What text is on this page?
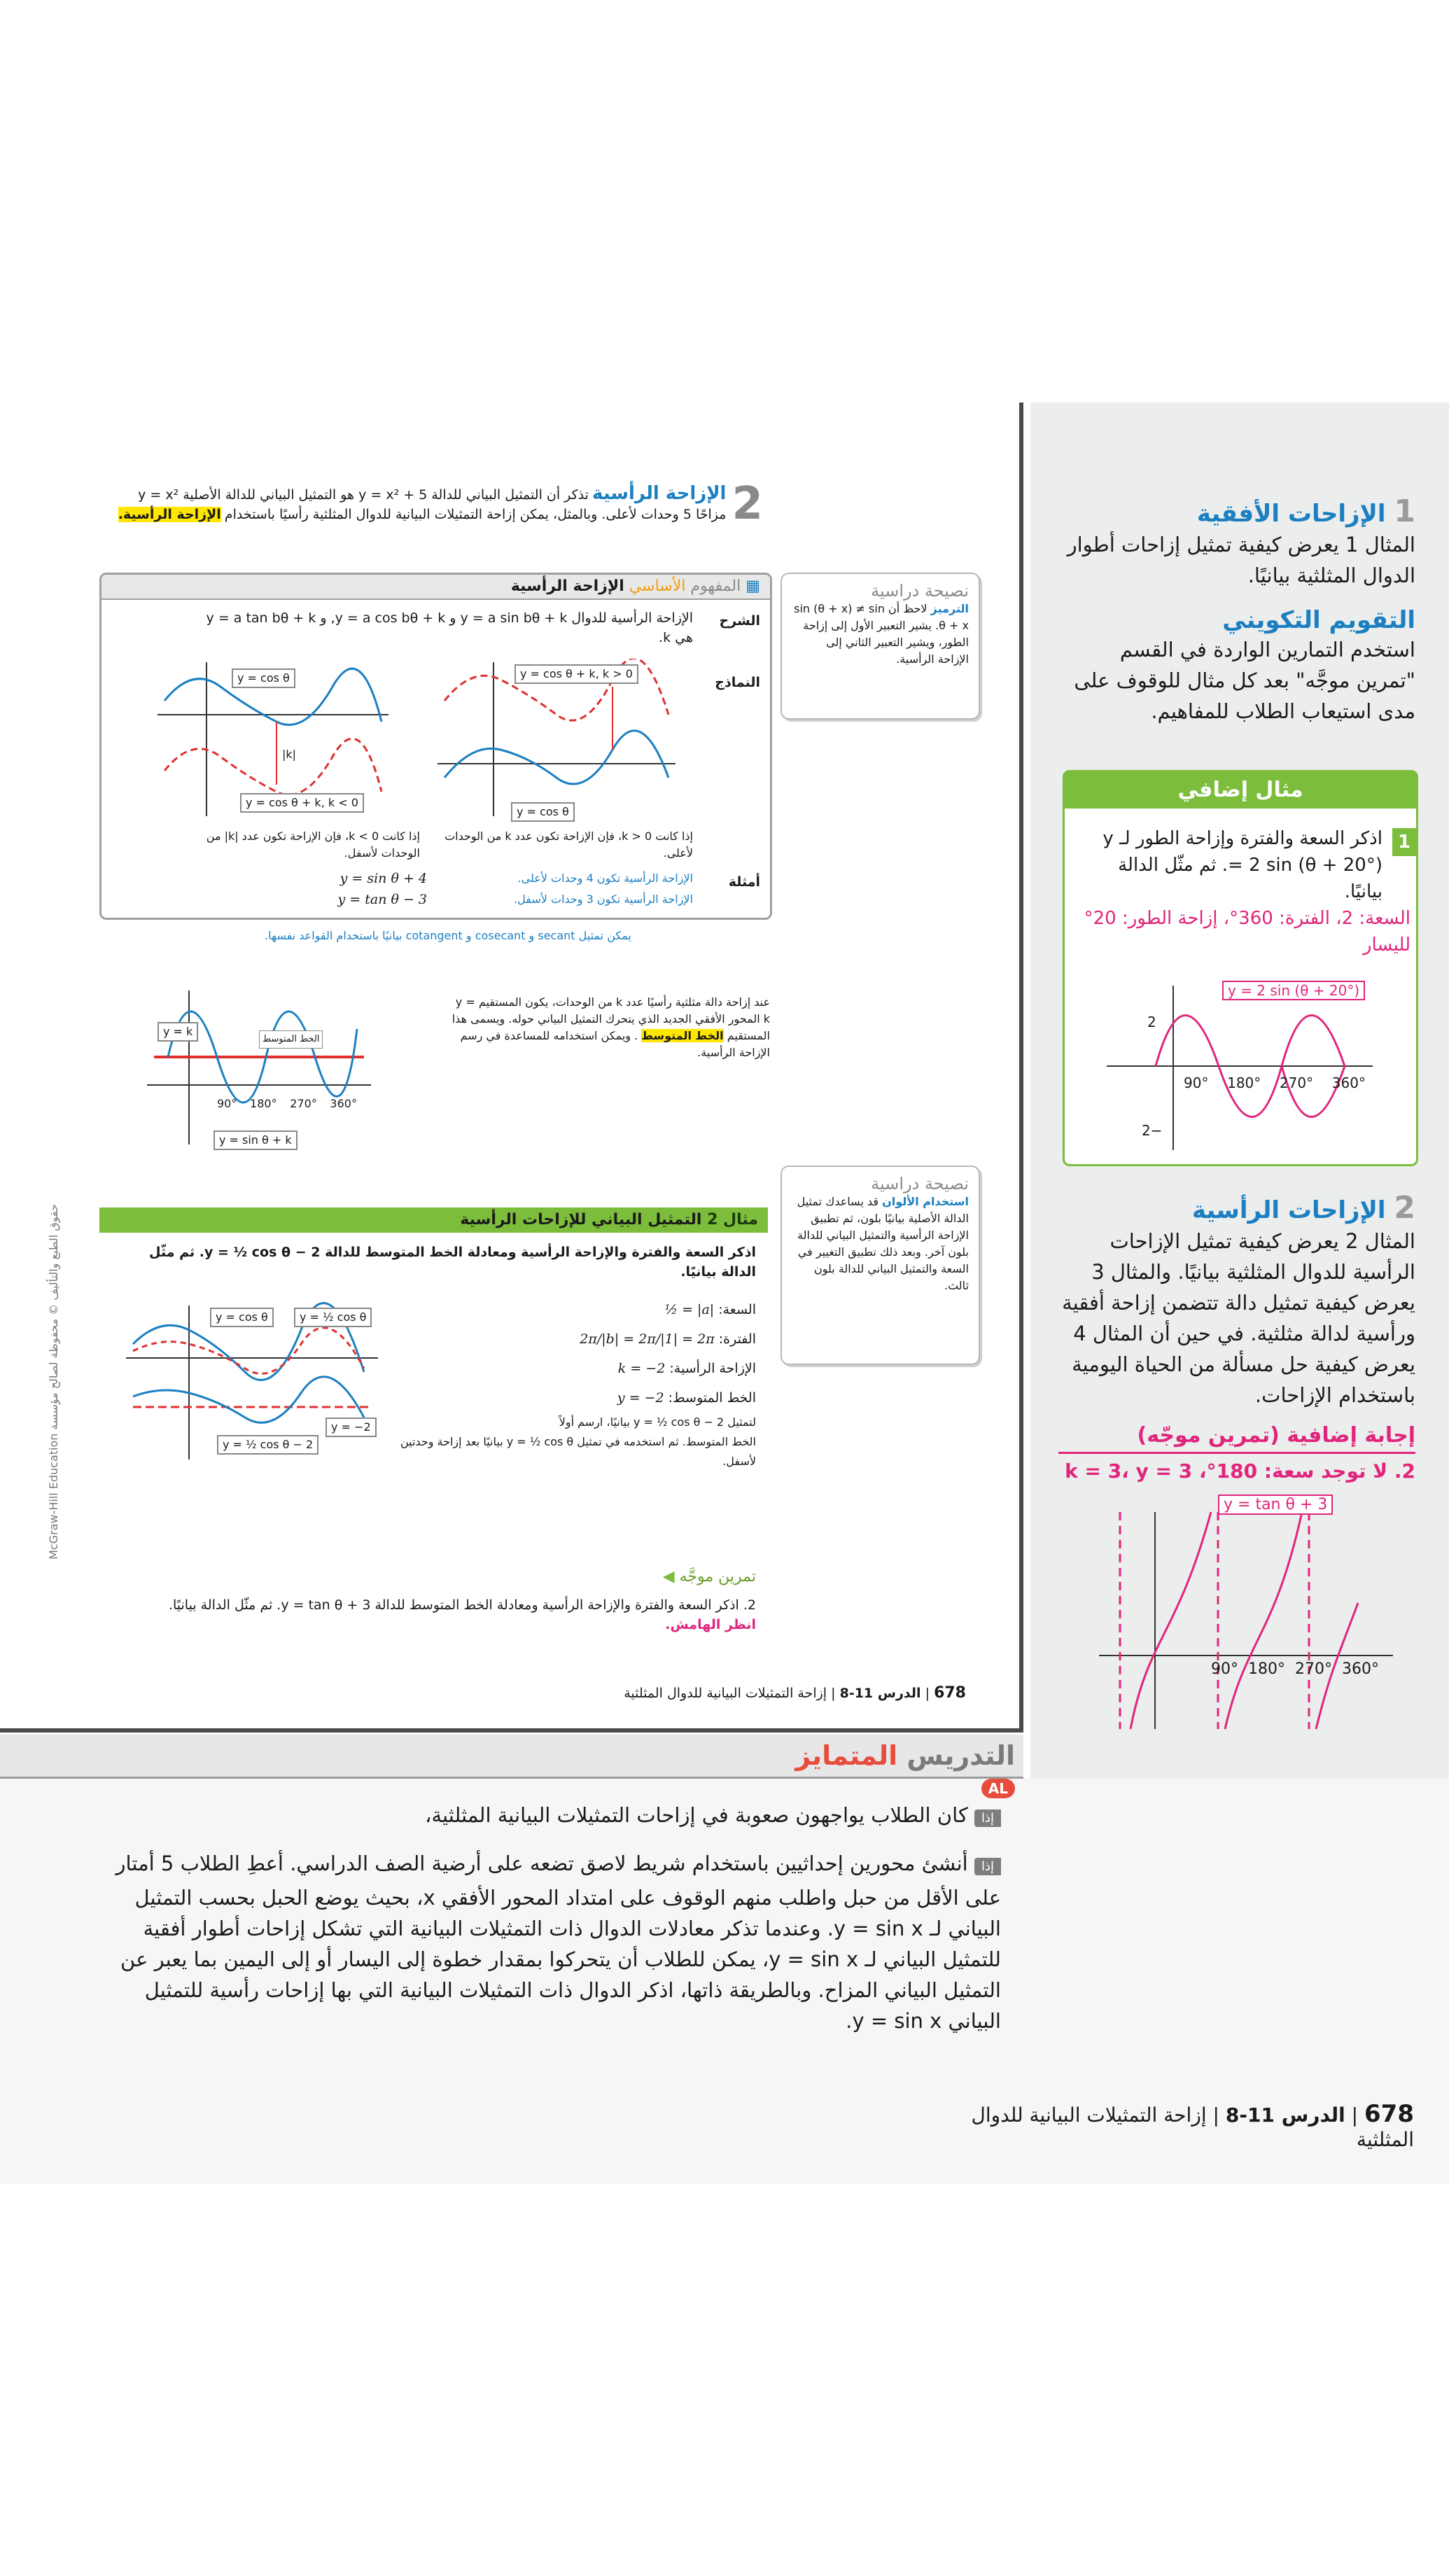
1 الإزاحات الأفقية
المثال 1 يعرض كيفية تمثيل إزاحات أطوار الدوال المثلثية بيانيًا.
التقويم التكويني
استخدم التمارين الواردة في القسم "تمرين موجَّه" بعد كل مثال للوقوف على مدى استيعاب الطلاب للمفاهيم.
مثال إضافي
1
اذكر السعة والفترة وإزاحة الطور لـ y = 2 sin (θ + 20°). ثم مثّل الدالة بيانيًا.
السعة: 2، الفترة: 360°، إزاحة الطور: 20° لليسار
y = 2 sin (θ + 20°)
90° 180° 270° 360°
2
−2
2 الإزاحات الرأسية
المثال 2 يعرض كيفية تمثيل الإزاحات الرأسية للدوال المثلثية بيانيًا. والمثال 3 يعرض كيفية تمثيل دالة تتضمن إزاحة أفقية ورأسية لدالة مثلثية. في حين أن المثال 4 يعرض كيفية حل مسألة من الحياة اليومية باستخدام الإزاحات.
إجابة إضافية (تمرين موجّه)
2. لا توجد سعة: 180°، k = 3، y = 3
y = tan θ + 3
90° 180° 270° 360°
2
الإزاحة الرأسية تذكر أن التمثيل البياني للدالة y = x² + 5 هو التمثيل البياني للدالة الأصلية y = x² مزاحًا 5 وحدات لأعلى. وبالمثل، يمكن إزاحة التمثيلات البيانية للدوال المثلثية رأسيًا باستخدام الإزاحة الرأسية.
نصيحة دراسية
الترميز لاحظ أن sin (θ + x) ≠ sin θ + x. يشير التعبير الأول إلى إزاحة الطور، ويشير التعبير الثاني إلى الإزاحة الرأسية.
▦ المفهوم الأساسي الإزاحة الرأسية
الشرح
الإزاحة الرأسية للدوال y = a sin bθ + k و y = a cos bθ + k, و y = a tan bθ + k هي k.
النماذج
y = cos θ + k, k > 0
y = cos θ
y = cos θ
y = cos θ + k, k < 0
|k|
إذا كانت k > 0، فإن الإزاحة تكون عدد k من الوحدات لأعلى.
إذا كانت k < 0، فإن الإزاحة تكون عدد |k| من الوحدات لأسفل.
أمثلة
y = sin θ + 4	الإزاحة الرأسية تكون 4 وحدات لأعلى.
y = tan θ − 3	الإزاحة الرأسية تكون 3 وحدات لأسفل.
يمكن تمثيل secant و cosecant و cotangent بيانيًا باستخدام القواعد نفسها.
عند إزاحة دالة مثلثية رأسيًا عدد k من الوحدات، يكون المستقيم y = k المحور الأفقي الجديد الذي يتحرك التمثيل البياني حوله. ويسمى هذا المستقيم الخط المتوسط . ويمكن استخدامه للمساعدة في رسم الإزاحة الرأسية.
y = k
الخط المتوسط
y = sin θ + k
90° 180° 270° 360°
نصيحة دراسية
استخدام الألوان قد يساعدك تمثيل الدالة الأصلية بيانيًا بلون، ثم تطبيق الإزاحة الرأسية والتمثيل البياني للدالة بلون آخر. وبعد ذلك تطبيق التغيير في السعة والتمثيل البياني للدالة بلون ثالث.
مثال 2 التمثيل البياني للإزاحات الرأسية
اذكر السعة والفترة والإزاحة الرأسية ومعادلة الخط المتوسط للدالة y = ½ cos θ − 2. ثم مثّل الدالة بيانيًا.
السعة: |a| = ½
الفترة: 2π/|b| = 2π/|1| = 2π
الإزاحة الرأسية: k = −2
الخط المتوسط: y = −2
لتمثيل y = ½ cos θ − 2 بيانيًا، ارسم أولاً
الخط المتوسط. ثم استخدمه في تمثيل y = ½ cos θ بيانيًا بعد إزاحة وحدتين لأسفل.
y = cos θ	y = ½ cos θ
y = −2
y = ½ cos θ − 2
تمرين موجَّه ◀
2. اذكر السعة والفترة والإزاحة الرأسية ومعادلة الخط المتوسط للدالة y = tan θ + 3. ثم مثّل الدالة بيانيًا. انظر الهامش.
678 | الدرس 11-8 | إزاحة التمثيلات البيانية للدوال المثلثية
حقوق الطبع والتأليف © محفوظة لصالح مؤسسة McGraw-Hill Education
التدريس المتمايز AL
إذا كان الطلاب يواجهون صعوبة في إزاحات التمثيلات البيانية المثلثية،
إذا أنشئ محورين إحداثيين باستخدام شريط لاصق تضعه على أرضية الصف الدراسي. أعطِ الطلاب 5 أمتار على الأقل من حبل واطلب منهم الوقوف على امتداد المحور الأفقي x، بحيث يوضع الحبل بحسب التمثيل البياني لـ y = sin x. وعندما تذكر معادلات الدوال ذات التمثيلات البيانية التي تشكل إزاحات أطوار أفقية للتمثيل البياني لـ y = sin x، يمكن للطلاب أن يتحركوا بمقدار خطوة إلى اليسار أو إلى اليمين بما يعبر عن التمثيل البياني المزاح. وبالطريقة ذاتها، اذكر الدوال ذات التمثيلات البيانية التي بها إزاحات رأسية للتمثيل البياني y = sin x.
678 | الدرس 11-8 | إزاحة التمثيلات البيانية للدوال المثلثية
